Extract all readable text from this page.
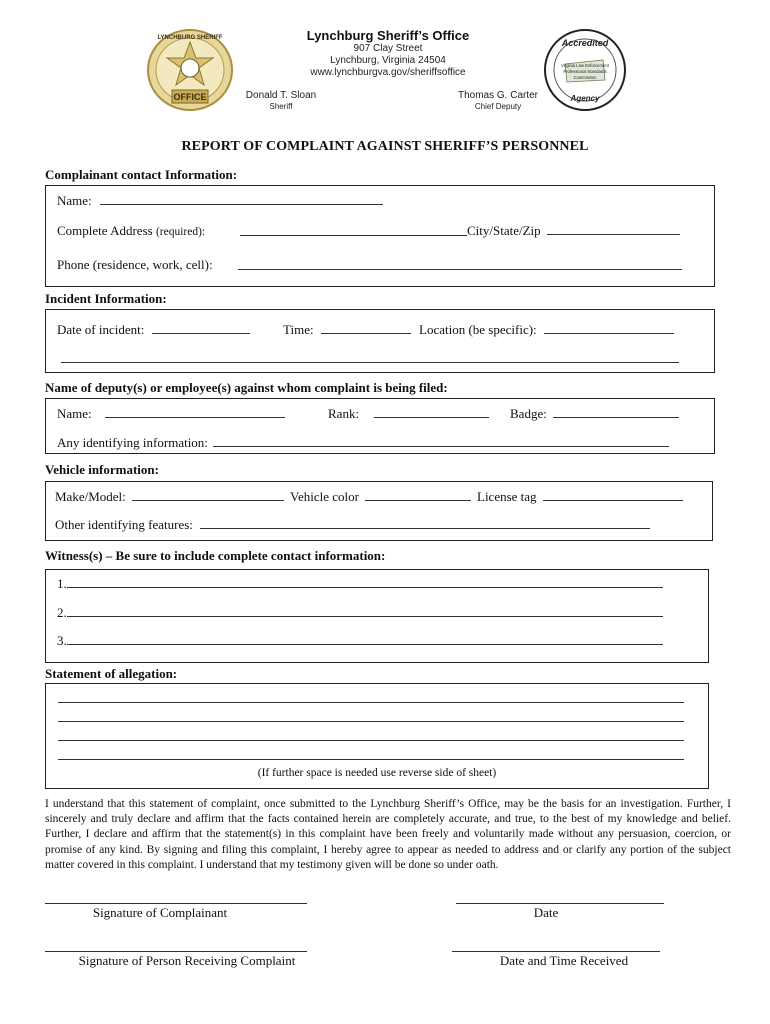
OFFICE
LYNCHBURG SHERIFF	Lynchburg Sheriff’s Office
907 Clay Street
Lynchburg, Virginia 24504
www.lynchburgva.gov/sheriffsoffice
Donald T. Sloan
Sheriff
Thomas G. Carter
Chief Deputy
Accredited
Virginia Law Enforcement
Professional Standards
Commission
Agency
REPORT OF COMPLAINT AGAINST SHERIFF’S PERSONNEL
Complainant contact Information:
Name:
Complete Address (required):	City/State/Zip
Phone (residence, work, cell):
Incident Information:
Date of incident:	Time:	Location (be specific):
Name of deputy(s) or employee(s) against whom complaint is being filed:
Name:	Rank:	Badge:
Any identifying information:
Vehicle information:
Make/Model:	Vehicle color	License tag
Other identifying features:
Witness(s) – Be sure to include complete contact information:
1.
2.
3.
Statement of allegation:
(If further space is needed use reverse side of sheet)
I understand that this statement of complaint, once submitted to the Lynchburg Sheriff’s Office, may be the basis for an investigation. Further, I sincerely and truly declare and affirm that the facts contained herein are completely accurate, and true, to the best of my knowledge and belief. Further, I declare and affirm that the statement(s) in this complaint have been freely and voluntarily made without any persuasion, coercion, or promise of any kind. By signing and filing this complaint, I hereby agree to appear as needed to address and or clarify any portion of the subject matter covered in this complaint. I understand that my testimony given will be done so under oath.
Signature of Complainant	Date
Signature of Person Receiving Complaint	Date and Time Received
